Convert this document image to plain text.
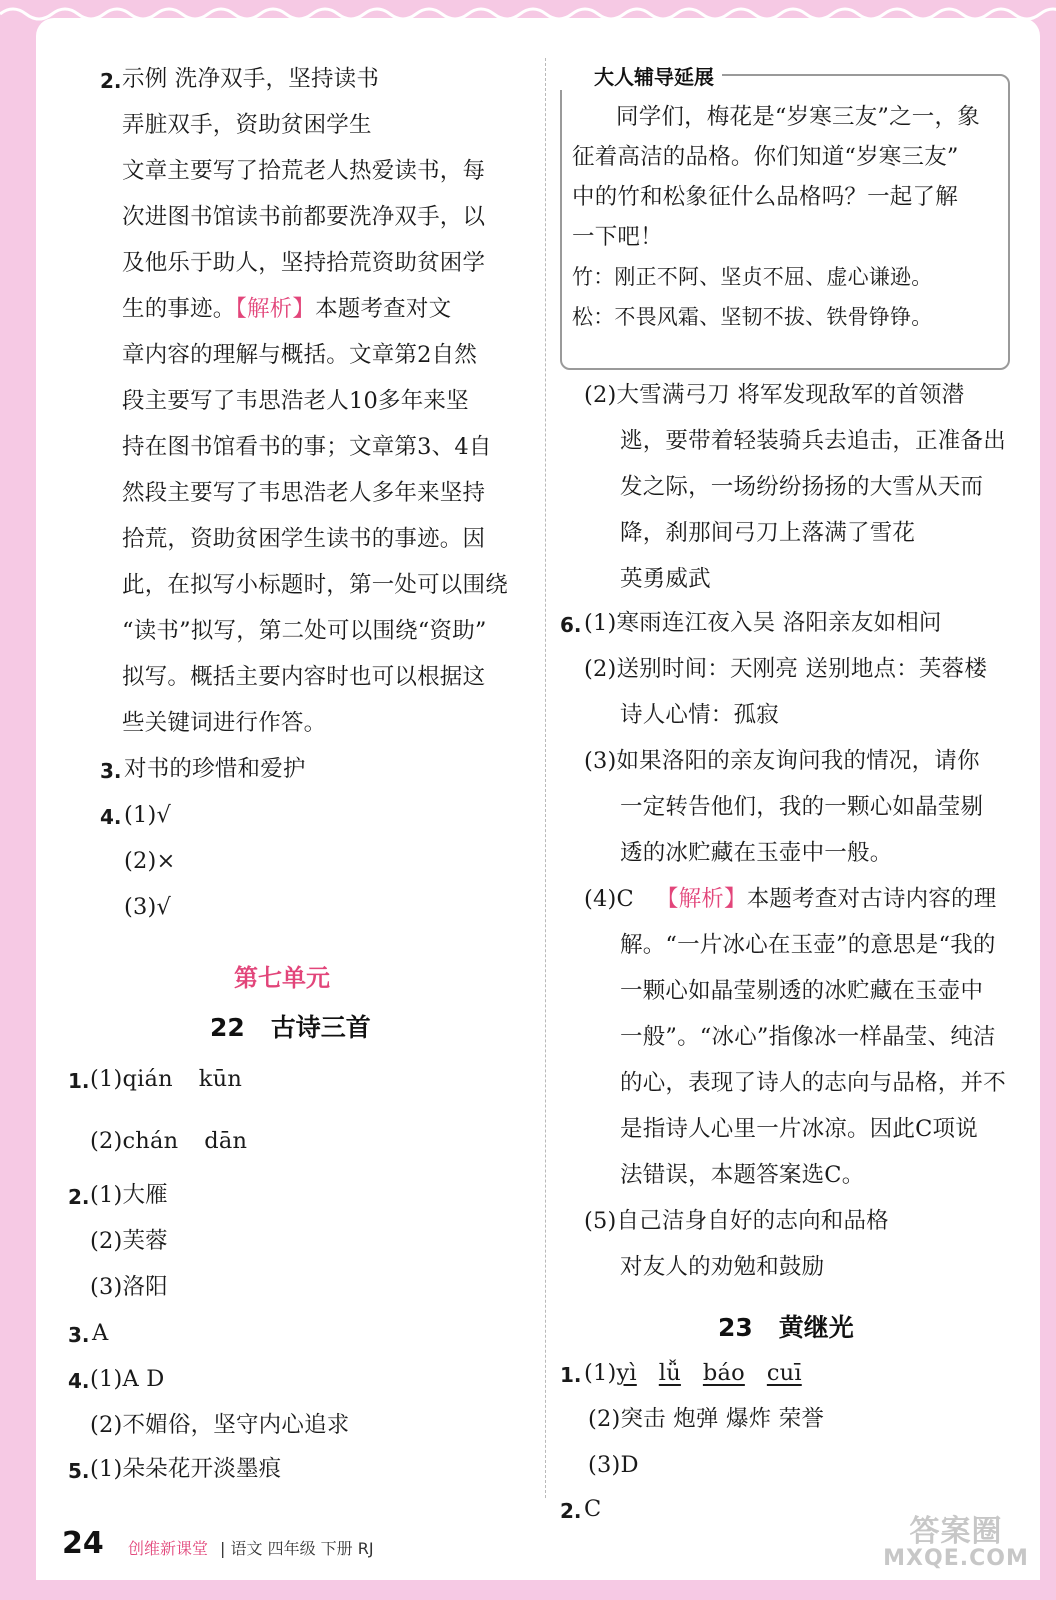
2. 示例 洗净双手，坚持读书
弄脏双手，资助贫困学生
文章主要写了拾荒老人热爱读书，每
次进图书馆读书前都要洗净双手，以
及他乐于助人，坚持拾荒资助贫困学
生的事迹。【解析】本题考查对文
章内容的理解与概括。文章第2自然
段主要写了韦思浩老人10多年来坚
持在图书馆看书的事；文章第3、4自
然段主要写了韦思浩老人多年来坚持
拾荒，资助贫困学生读书的事迹。因
此，在拟写小标题时，第一处可以围绕
“读书”拟写，第二处可以围绕“资助”
拟写。概括主要内容时也可以根据这
些关键词进行作答。
3. 对书的珍惜和爱护
4. (1)√
(2)×
(3)√
第七单元
22 古诗三首
1. (1)qián kūn
(2)chán dān
2. (1)大雁
(2)芙蓉
(3)洛阳
3. A
4. (1)A D
(2)不媚俗，坚守内心追求
5. (1)朵朵花开淡墨痕
大人辅导延展
同学们，梅花是“岁寒三友”之一，象
征着高洁的品格。你们知道“岁寒三友”
中的竹和松象征什么品格吗？一起了解
一下吧！
竹：刚正不阿、坚贞不屈、虚心谦逊。
松：不畏风霜、坚韧不拔、铁骨铮铮。
(2)大雪满弓刀 将军发现敌军的首领潜
逃，要带着轻装骑兵去追击，正准备出
发之际，一场纷纷扬扬的大雪从天而
降，刹那间弓刀上落满了雪花
英勇威武
6. (1)寒雨连江夜入吴 洛阳亲友如相问
(2)送别时间：天刚亮 送别地点：芙蓉楼
诗人心情：孤寂
(3)如果洛阳的亲友询问我的情况，请你
一定转告他们，我的一颗心如晶莹剔
透的冰贮藏在玉壶中一般。
(4)C 【解析】本题考查对古诗内容的理
解。“一片冰心在玉壶”的意思是“我的
一颗心如晶莹剔透的冰贮藏在玉壶中
一般”。“冰心”指像冰一样晶莹、纯洁
的心，表现了诗人的志向与品格，并不
是指诗人心里一片冰凉。因此C项说
法错误，本题答案选C。
(5)自己洁身自好的志向和品格
对友人的劝勉和鼓励
23 黄继光
1. (1)yì lǚ báo cuī
(2)突击 炮弹 爆炸 荣誉
(3)D
2. C
24 创维新课堂 | 语文 四年级 下册 RJ	答案圈
MXQE.COM
